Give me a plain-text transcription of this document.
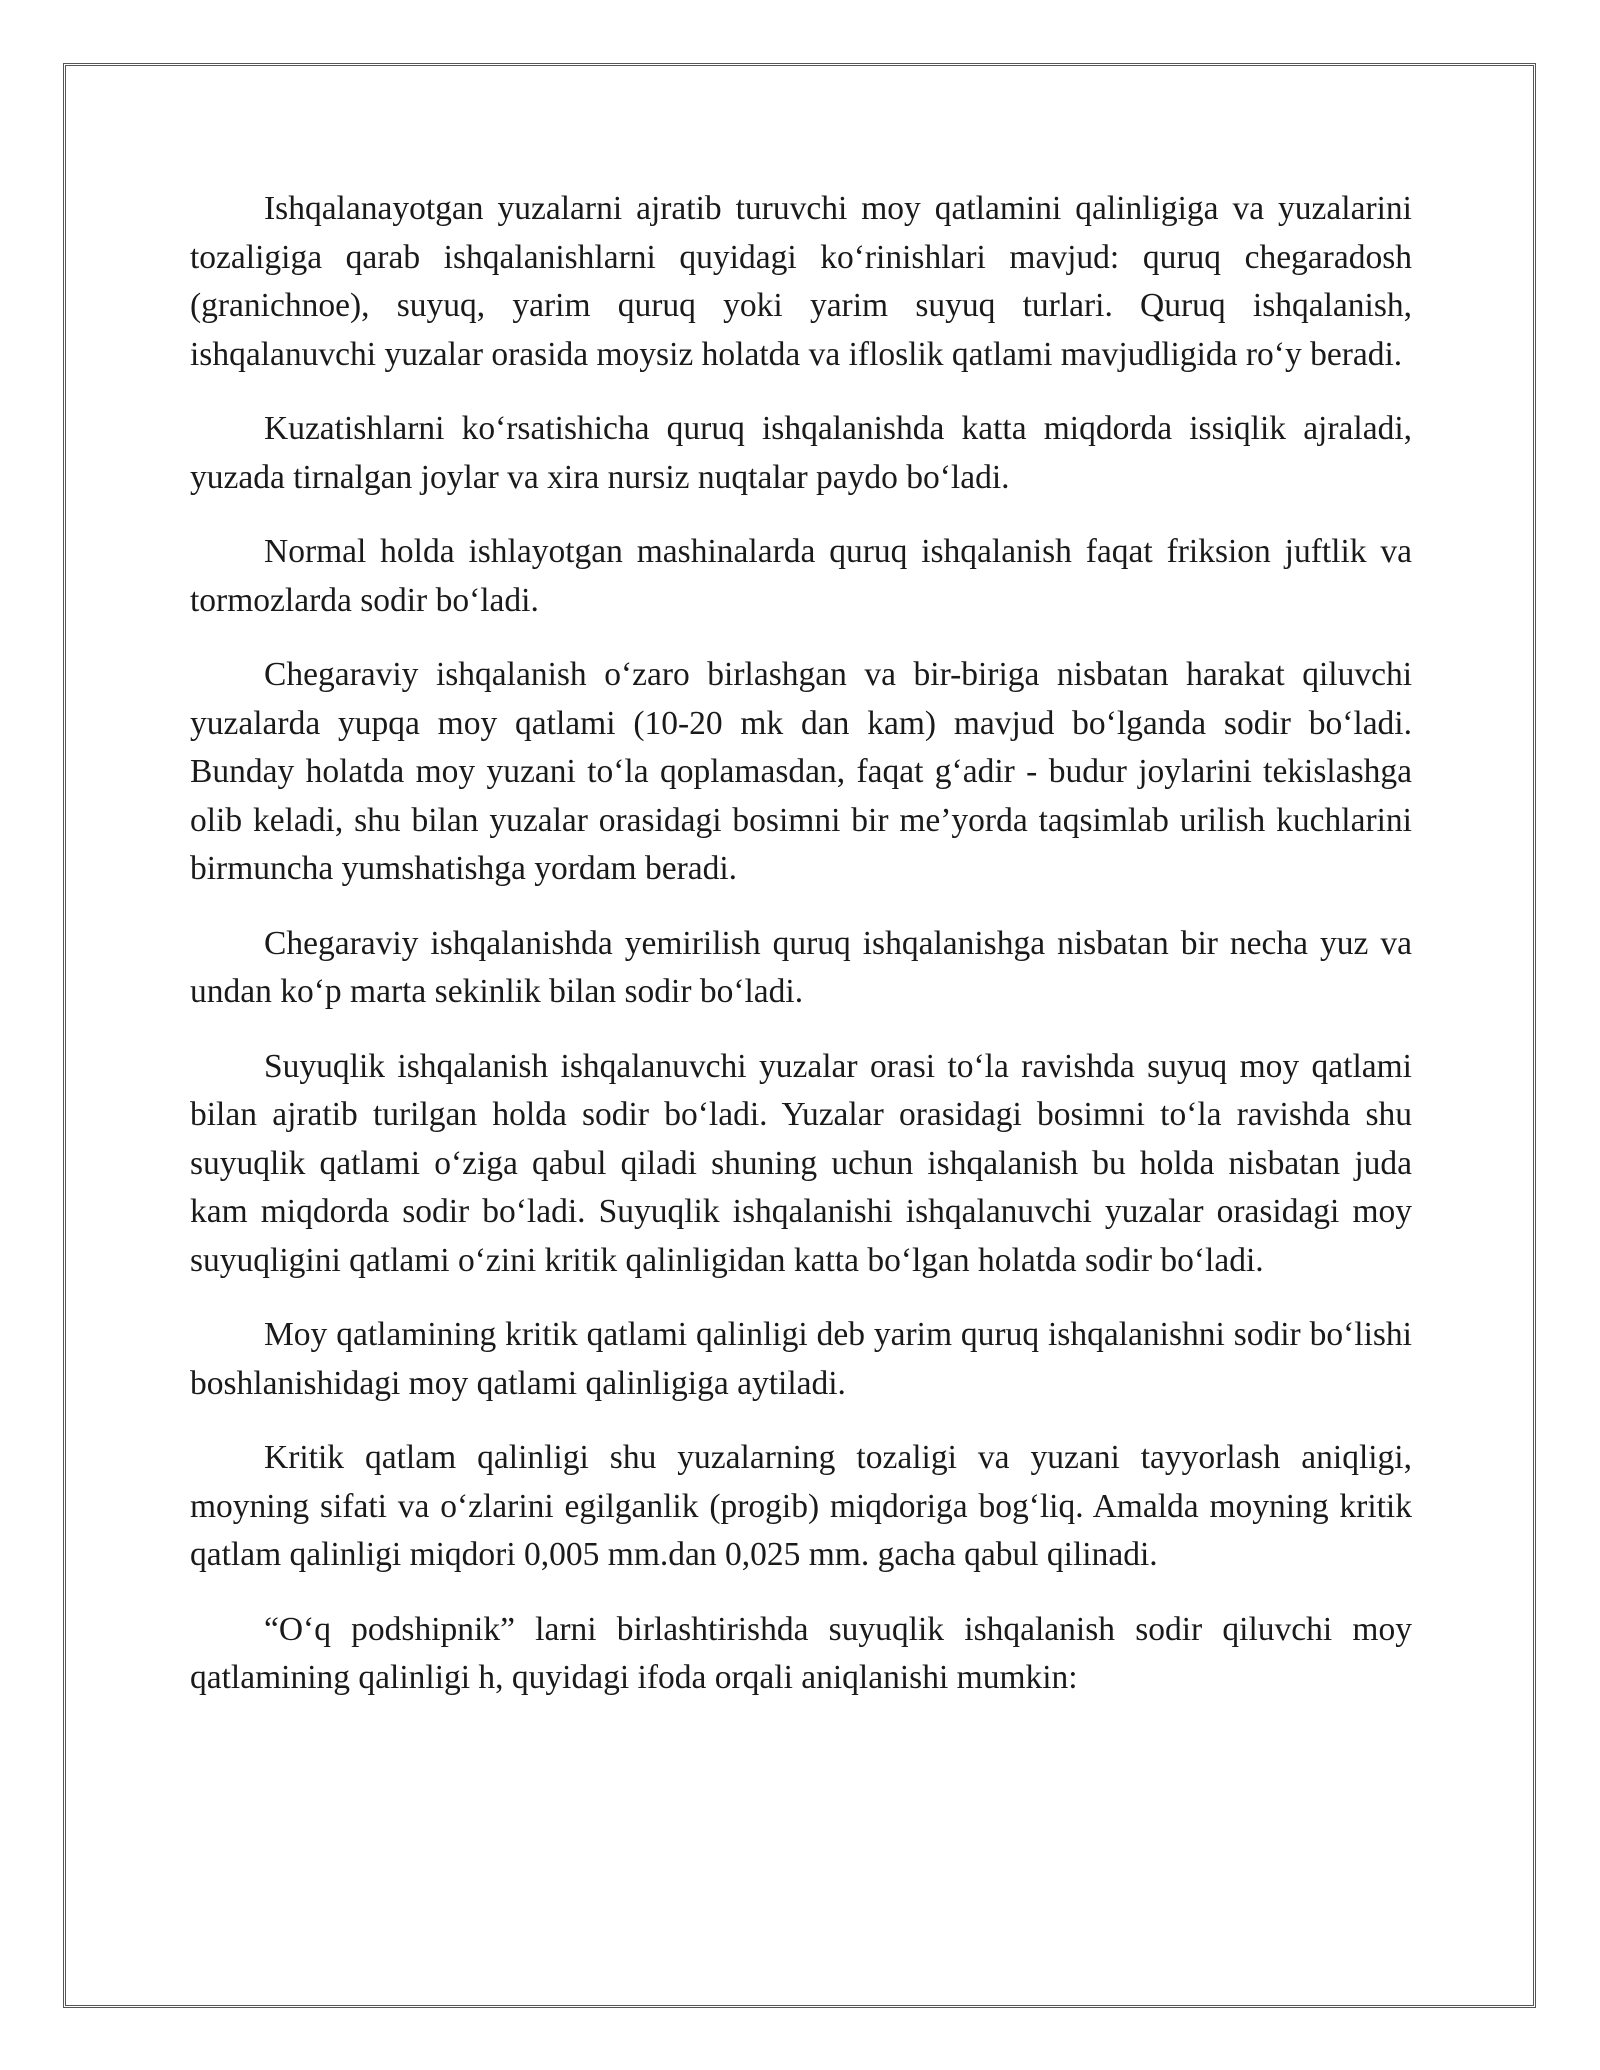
Ishqalanayotgan yuzalarni ajratib turuvchi moy qatlamini qalinligiga va yuzalarini tozaligiga qarab ishqalanishlarni quyidagi koʻrinishlari mavjud: quruq chegaradosh (granichnoe), suyuq, yarim quruq yoki yarim suyuq turlari. Quruq ishqalanish, ishqalanuvchi yuzalar orasida moysiz holatda va ifloslik qatlami mavjudligida roʻy beradi.

Kuzatishlarni koʻrsatishicha quruq ishqalanishda katta miqdorda issiqlik ajraladi, yuzada tirnalgan joylar va xira nursiz nuqtalar paydo boʻladi.

Normal holda ishlayotgan mashinalarda quruq ishqalanish faqat friksion juftlik va tormozlarda sodir boʻladi.

Chegaraviy ishqalanish oʻzaro birlashgan va bir-biriga nisbatan harakat qiluvchi yuzalarda yupqa moy qatlami (10-20 mk dan kam) mavjud boʻlganda sodir boʻladi. Bunday holatda moy yuzani toʻla qoplamasdan, faqat gʻadir - budur joylarini tekislashga olib keladi, shu bilan yuzalar orasidagi bosimni bir me’yorda taqsimlab urilish kuchlarini birmuncha yumshatishga yordam beradi.

Chegaraviy ishqalanishda yemirilish quruq ishqalanishga nisbatan bir necha yuz va undan koʻp marta sekinlik bilan sodir boʻladi.

Suyuqlik ishqalanish ishqalanuvchi yuzalar orasi toʻla ravishda suyuq moy qatlami bilan ajratib turilgan holda sodir boʻladi. Yuzalar orasidagi bosimni toʻla ravishda shu suyuqlik qatlami oʻziga qabul qiladi shuning uchun ishqalanish bu holda nisbatan juda kam miqdorda sodir boʻladi. Suyuqlik ishqalanishi ishqalanuvchi yuzalar orasidagi moy suyuqligini qatlami oʻzini kritik qalinligidan katta boʻlgan holatda sodir boʻladi.

Moy qatlamining kritik qatlami qalinligi deb yarim quruq ishqalanishni sodir boʻlishi boshlanishidagi moy qatlami qalinligiga aytiladi.

Kritik qatlam qalinligi shu yuzalarning tozaligi va yuzani tayyorlash aniqligi, moyning sifati va oʻzlarini egilganlik (progib) miqdoriga bogʻliq. Amalda moyning kritik qatlam qalinligi miqdori 0,005 mm.dan 0,025 mm. gacha qabul qilinadi.

“Oʻq podshipnik” larni birlashtirishda suyuqlik ishqalanish sodir qiluvchi moy qatlamining qalinligi h, quyidagi ifoda orqali aniqlanishi mumkin:
